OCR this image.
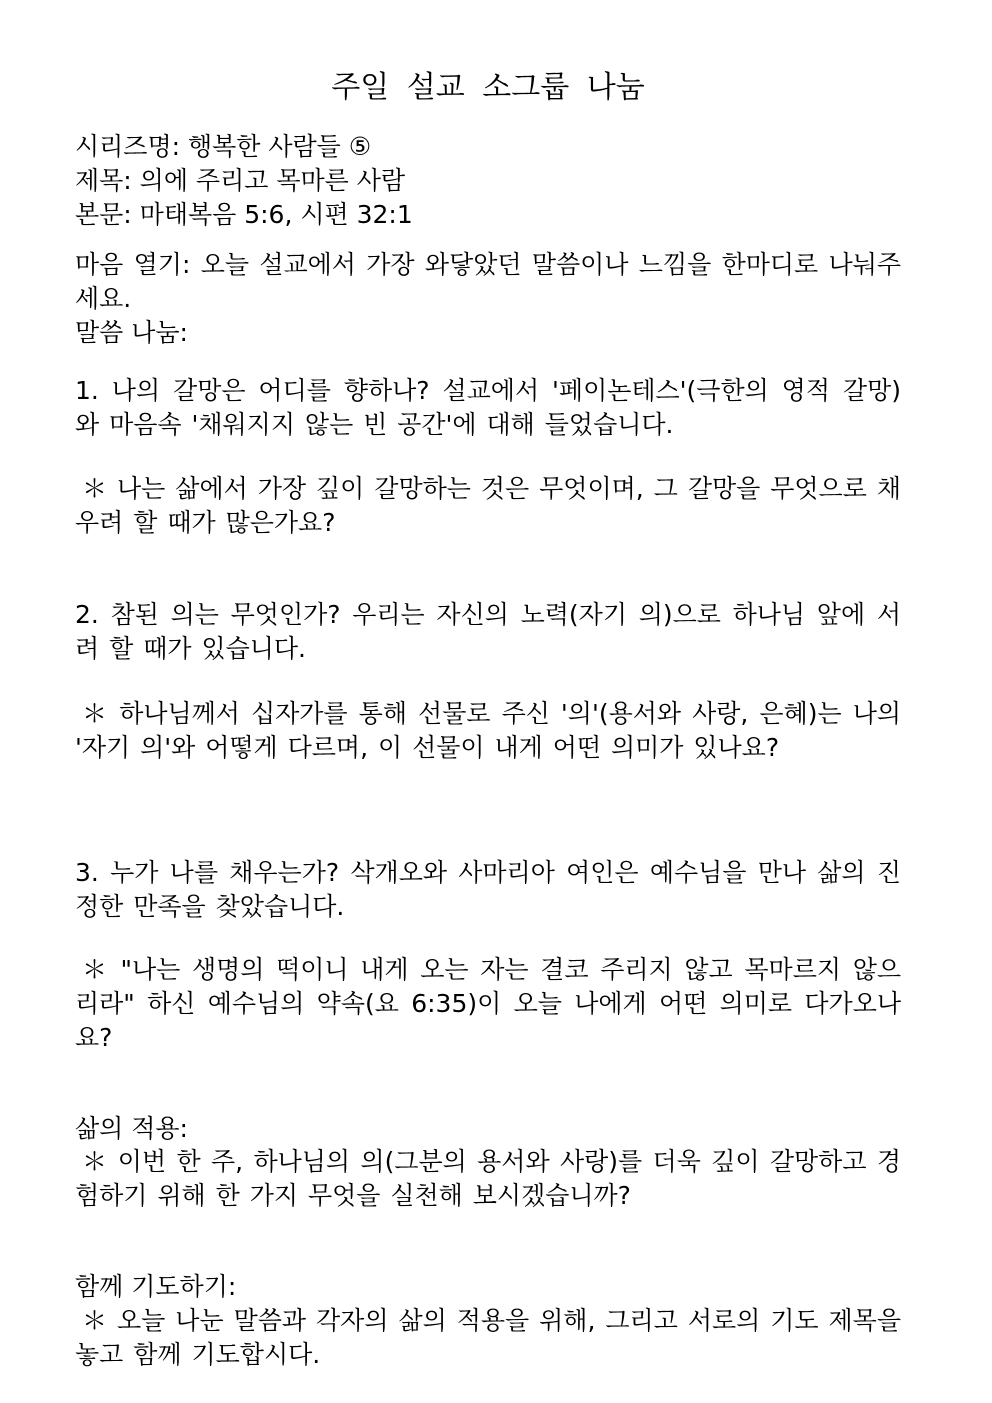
주일 설교 소그룹 나눔
시리즈명: 행복한 사람들 ⑤
제목: 의에 주리고 목마른 사람
본문: 마태복음 5:6, 시편 32:1

마음 열기: 오늘 설교에서 가장 와닿았던 말씀이나 느낌을 한마디로 나눠주세요.

말씀 나눔:

1. 나의 갈망은 어디를 향하나? 설교에서 '페이논테스'(극한의 영적 갈망)와 마음속 '채워지지 않는 빈 공간'에 대해 들었습니다.

＊ 나는 삶에서 가장 깊이 갈망하는 것은 무엇이며, 그 갈망을 무엇으로 채우려 할 때가 많은가요?

2. 참된 의는 무엇인가? 우리는 자신의 노력(자기 의)으로 하나님 앞에 서려 할 때가 있습니다.

＊ 하나님께서 십자가를 통해 선물로 주신 '의'(용서와 사랑, 은혜)는 나의 '자기 의'와 어떻게 다르며, 이 선물이 내게 어떤 의미가 있나요?

3. 누가 나를 채우는가? 삭개오와 사마리아 여인은 예수님을 만나 삶의 진정한 만족을 찾았습니다.

＊ "나는 생명의 떡이니 내게 오는 자는 결코 주리지 않고 목마르지 않으리라" 하신 예수님의 약속(요 6:35)이 오늘 나에게 어떤 의미로 다가오나요?

삶의 적용:

＊ 이번 한 주, 하나님의 의(그분의 용서와 사랑)를 더욱 깊이 갈망하고 경험하기 위해 한 가지 무엇을 실천해 보시겠습니까?

함께 기도하기:

＊ 오늘 나눈 말씀과 각자의 삶의 적용을 위해, 그리고 서로의 기도 제목을 놓고 함께 기도합시다.
